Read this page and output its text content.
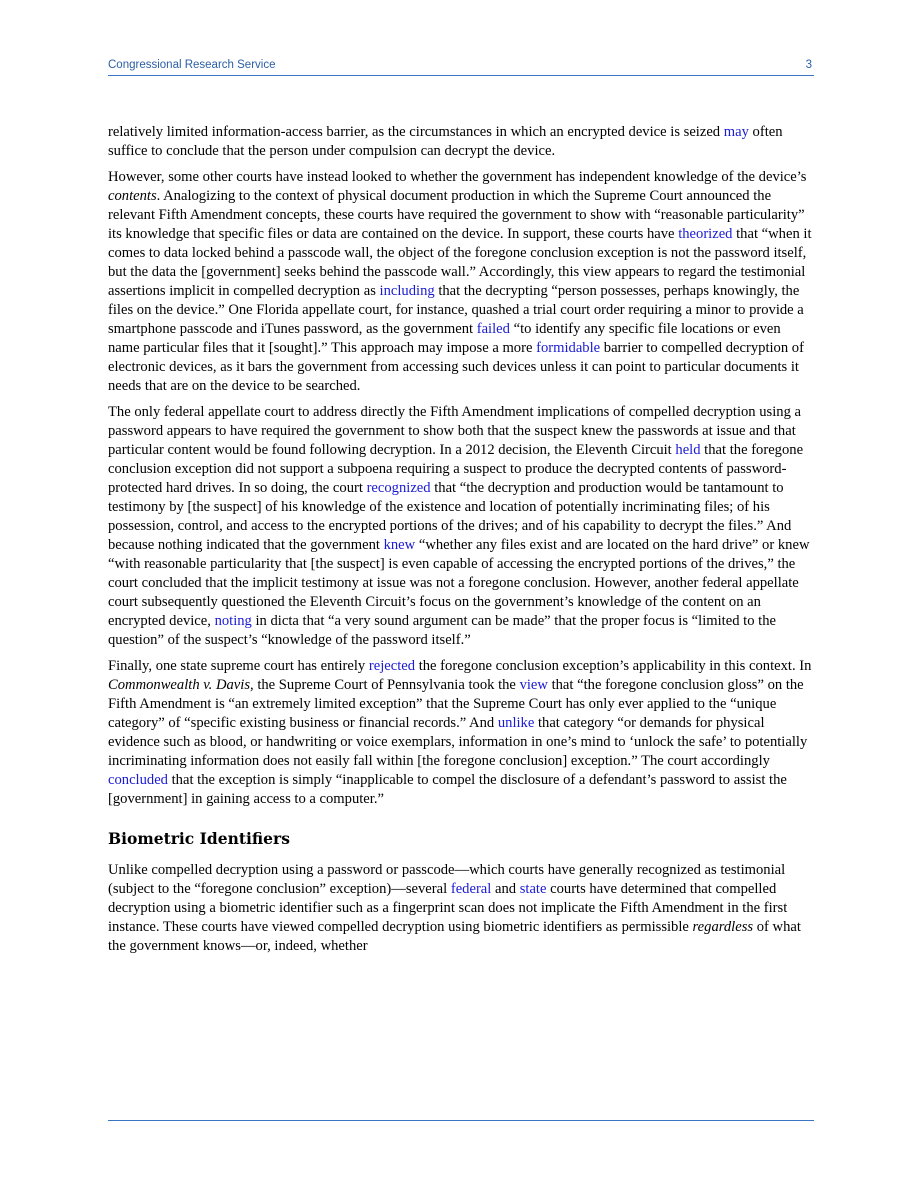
Congressional Research Service	3

relatively limited information-access barrier, as the circumstances in which an encrypted device is seized may often suffice to conclude that the person under compulsion can decrypt the device.

However, some other courts have instead looked to whether the government has independent knowledge of the device’s contents. Analogizing to the context of physical document production in which the Supreme Court announced the relevant Fifth Amendment concepts, these courts have required the government to show with “reasonable particularity” its knowledge that specific files or data are contained on the device. In support, these courts have theorized that “when it comes to data locked behind a passcode wall, the object of the foregone conclusion exception is not the password itself, but the data the [government] seeks behind the passcode wall.” Accordingly, this view appears to regard the testimonial assertions implicit in compelled decryption as including that the decrypting “person possesses, perhaps knowingly, the files on the device.” One Florida appellate court, for instance, quashed a trial court order requiring a minor to provide a smartphone passcode and iTunes password, as the government failed “to identify any specific file locations or even name particular files that it [sought].” This approach may impose a more formidable barrier to compelled decryption of electronic devices, as it bars the government from accessing such devices unless it can point to particular documents it needs that are on the device to be searched.

The only federal appellate court to address directly the Fifth Amendment implications of compelled decryption using a password appears to have required the government to show both that the suspect knew the passwords at issue and that particular content would be found following decryption. In a 2012 decision, the Eleventh Circuit held that the foregone conclusion exception did not support a subpoena requiring a suspect to produce the decrypted contents of password-protected hard drives. In so doing, the court recognized that “the decryption and production would be tantamount to testimony by [the suspect] of his knowledge of the existence and location of potentially incriminating files; of his possession, control, and access to the encrypted portions of the drives; and of his capability to decrypt the files.” And because nothing indicated that the government knew “whether any files exist and are located on the hard drive” or knew “with reasonable particularity that [the suspect] is even capable of accessing the encrypted portions of the drives,” the court concluded that the implicit testimony at issue was not a foregone conclusion. However, another federal appellate court subsequently questioned the Eleventh Circuit’s focus on the government’s knowledge of the content on an encrypted device, noting in dicta that “a very sound argument can be made” that the proper focus is “limited to the question” of the suspect’s “knowledge of the password itself.”

Finally, one state supreme court has entirely rejected the foregone conclusion exception’s applicability in this context. In Commonwealth v. Davis, the Supreme Court of Pennsylvania took the view that “the foregone conclusion gloss” on the Fifth Amendment is “an extremely limited exception” that the Supreme Court has only ever applied to the “unique category” of “specific existing business or financial records.” And unlike that category “or demands for physical evidence such as blood, or handwriting or voice exemplars, information in one’s mind to ‘unlock the safe’ to potentially incriminating information does not easily fall within [the foregone conclusion] exception.” The court accordingly concluded that the exception is simply “inapplicable to compel the disclosure of a defendant’s password to assist the [government] in gaining access to a computer.”

Biometric Identifiers

Unlike compelled decryption using a password or passcode—which courts have generally recognized as testimonial (subject to the “foregone conclusion” exception)—several federal and state courts have determined that compelled decryption using a biometric identifier such as a fingerprint scan does not implicate the Fifth Amendment in the first instance. These courts have viewed compelled decryption using biometric identifiers as permissible regardless of what the government knows—or, indeed, whether
